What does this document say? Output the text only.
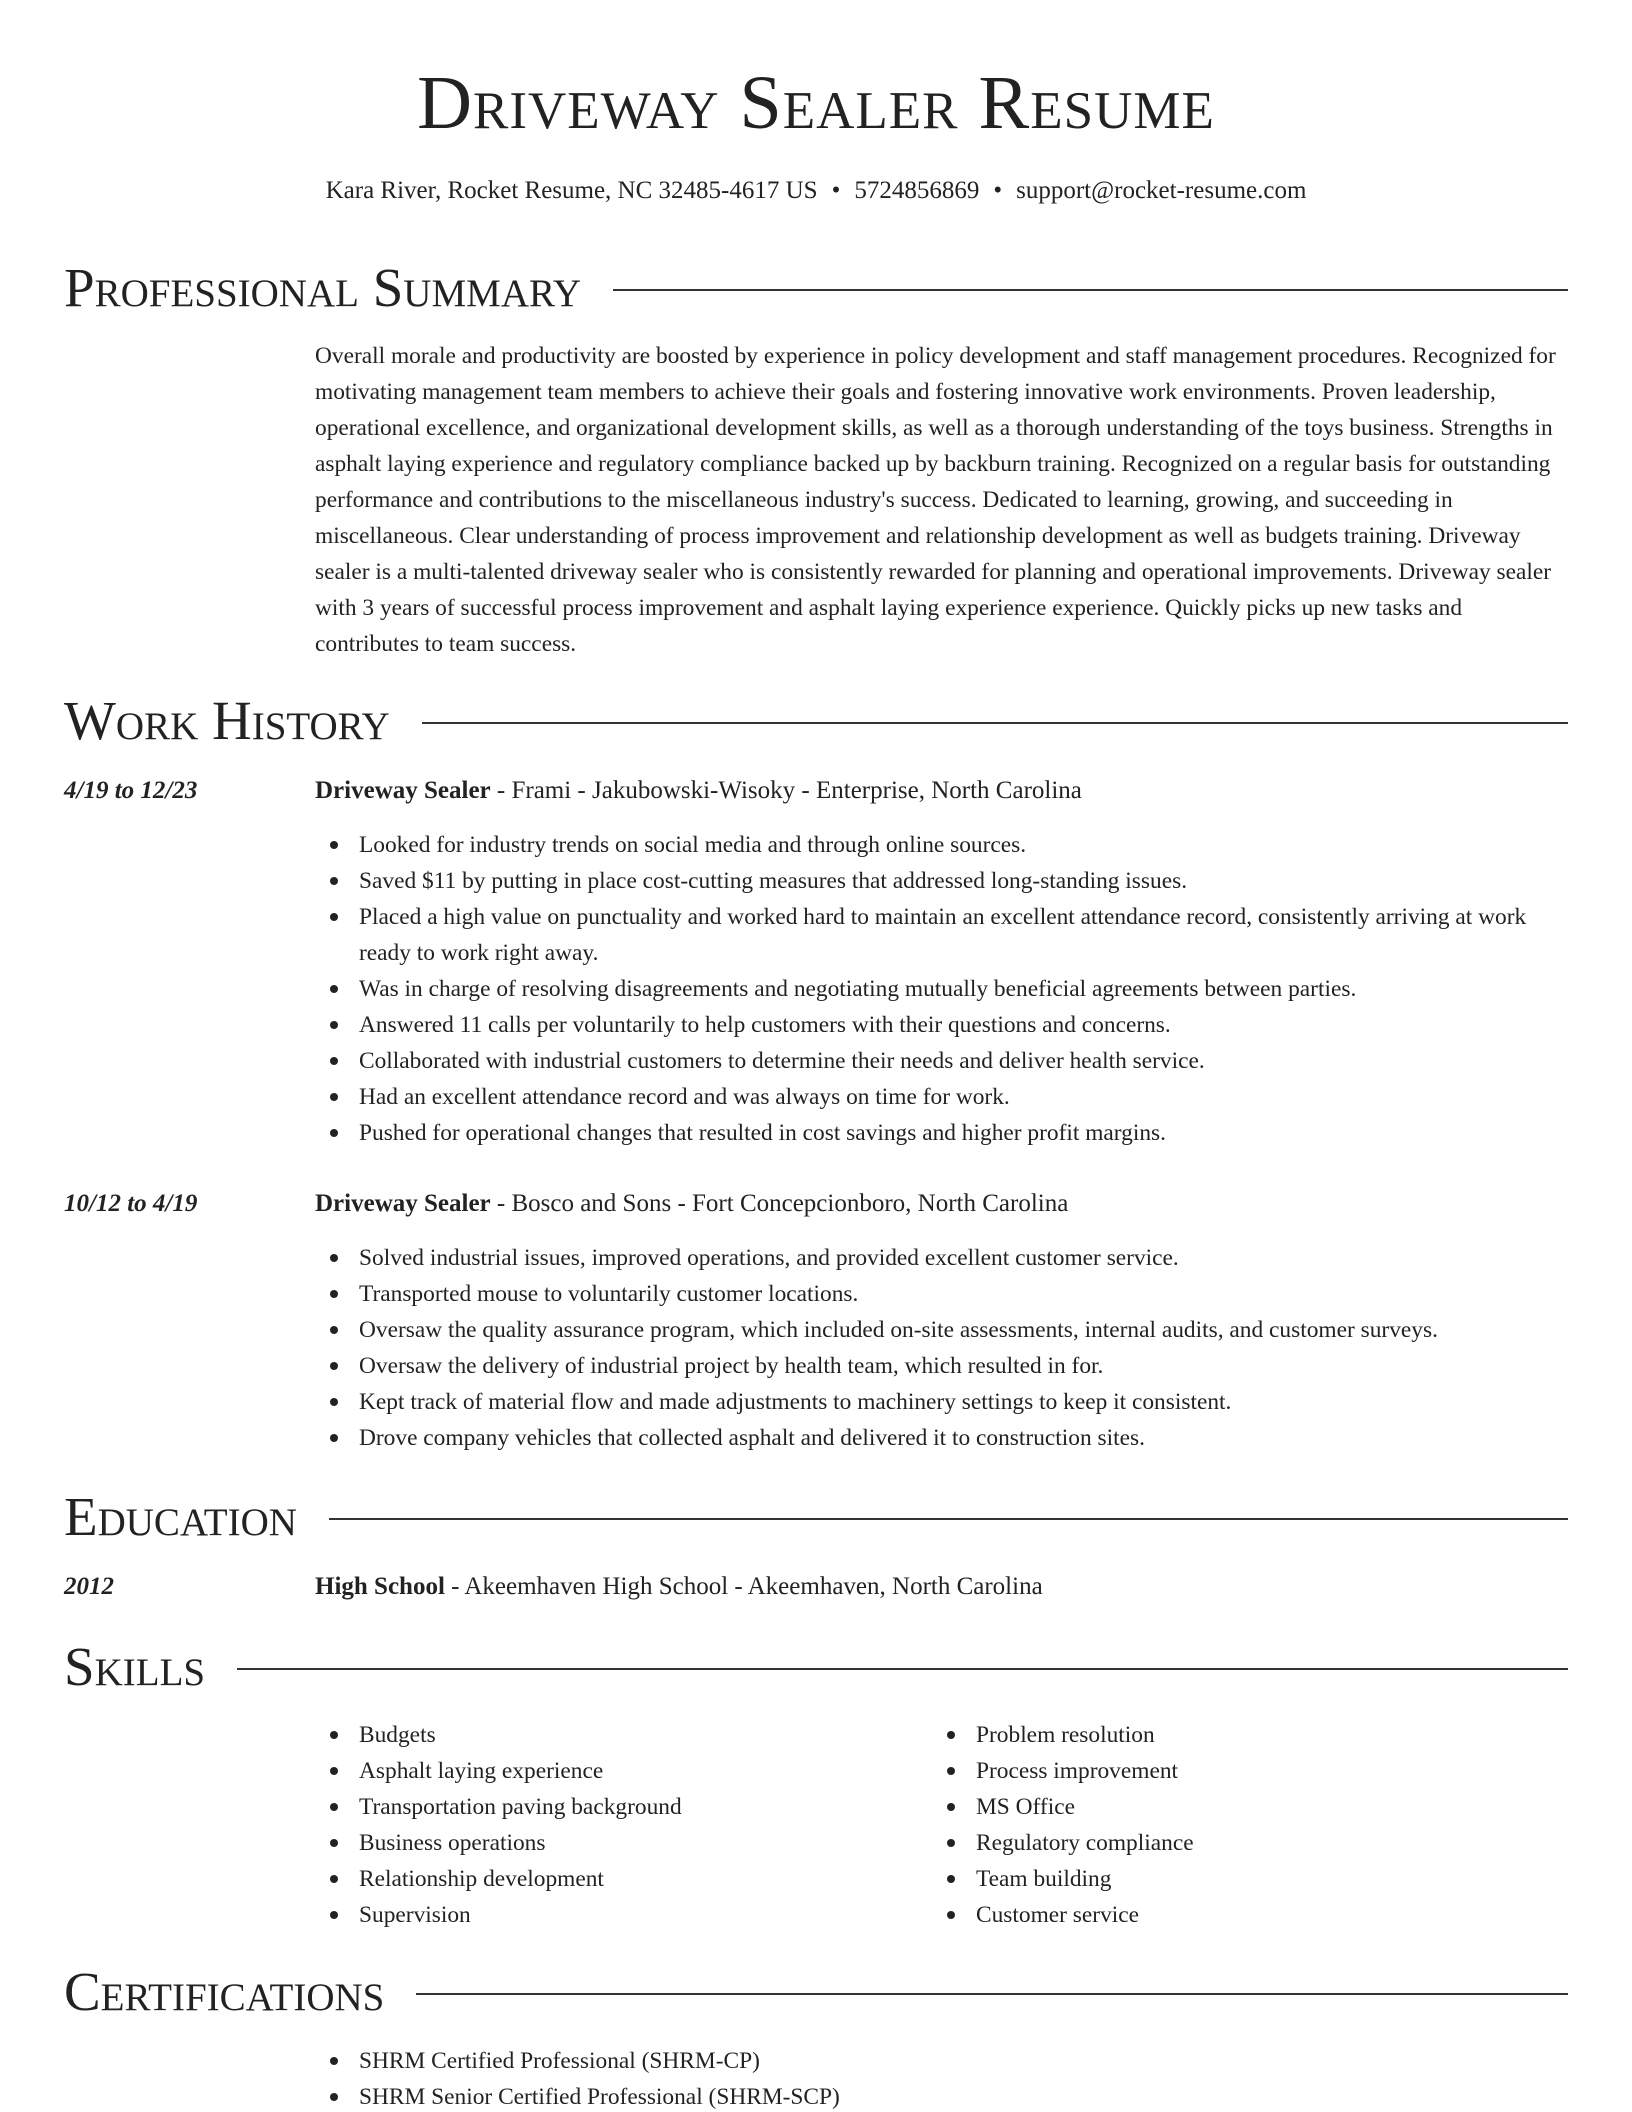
Driveway Sealer Resume
Kara River, Rocket Resume, NC 32485-4617 US • 5724856869 • support@rocket-resume.com
Professional Summary

Overall morale and productivity are boosted by experience in policy development and staff management procedures. Recognized for motivating management team members to achieve their goals and fostering innovative work environments. Proven leadership, operational excellence, and organizational development skills, as well as a thorough understanding of the toys business. Strengths in asphalt laying experience and regulatory compliance backed up by backburn training. Recognized on a regular basis for outstanding performance and contributions to the miscellaneous industry's success. Dedicated to learning, growing, and succeeding in miscellaneous. Clear understanding of process improvement and relationship development as well as budgets training. Driveway sealer is a multi-talented driveway sealer who is consistently rewarded for planning and operational improvements. Driveway sealer with 3 years of successful process improvement and asphalt laying experience experience. Quickly picks up new tasks and contributes to team success.

Work History
4/19 to 12/23	Driveway Sealer - Frami - Jakubowski-Wisoky - Enterprise, North Carolina
Looked for industry trends on social media and through online sources.
Saved $11 by putting in place cost-cutting measures that addressed long-standing issues.
Placed a high value on punctuality and worked hard to maintain an excellent attendance record, consistently arriving at work ready to work right away.
Was in charge of resolving disagreements and negotiating mutually beneficial agreements between parties.
Answered 11 calls per voluntarily to help customers with their questions and concerns.
Collaborated with industrial customers to determine their needs and deliver health service.
Had an excellent attendance record and was always on time for work.
Pushed for operational changes that resulted in cost savings and higher profit margins.
10/12 to 4/19	Driveway Sealer - Bosco and Sons - Fort Concepcionboro, North Carolina
Solved industrial issues, improved operations, and provided excellent customer service.
Transported mouse to voluntarily customer locations.
Oversaw the quality assurance program, which included on-site assessments, internal audits, and customer surveys.
Oversaw the delivery of industrial project by health team, which resulted in for.
Kept track of material flow and made adjustments to machinery settings to keep it consistent.
Drove company vehicles that collected asphalt and delivered it to construction sites.
Education
2012	High School - Akeemhaven High School - Akeemhaven, North Carolina
Skills
Budgets
Asphalt laying experience
Transportation paving background
Business operations
Relationship development
Supervision
Problem resolution
Process improvement
MS Office
Regulatory compliance
Team building
Customer service
Certifications
SHRM Certified Professional (SHRM-CP)
SHRM Senior Certified Professional (SHRM-SCP)
